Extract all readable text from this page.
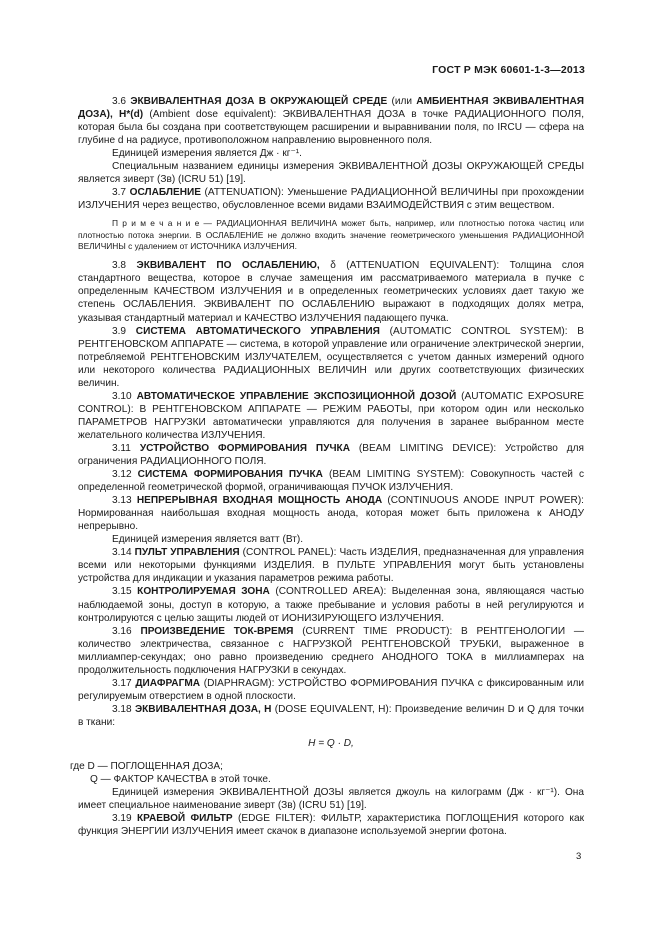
ГОСТ Р МЭК 60601-1-3—2013

3.6 ЭКВИВАЛЕНТНАЯ ДОЗА В ОКРУЖАЮЩЕЙ СРЕДЕ (или АМБИЕНТНАЯ ЭКВИВАЛЕНТНАЯ ДОЗА), H*(d) (Ambient dose equivalent): ЭКВИВАЛЕНТНАЯ ДОЗА в точке РАДИАЦИОННОГО ПОЛЯ, которая была бы создана при соответствующем расширении и выравнивании поля, по IRCU — сфера на глубине d на радиусе, противоположном направлению выровненного поля.

Единицей измерения является Дж · кг⁻¹.

Специальным названием единицы измерения ЭКВИВАЛЕНТНОЙ ДОЗЫ ОКРУЖАЮЩЕЙ СРЕДЫ является зиверт (Зв) (ICRU 51) [19].

3.7 ОСЛАБЛЕНИЕ (ATTENUATION): Уменьшение РАДИАЦИОННОЙ ВЕЛИЧИНЫ при прохождении ИЗЛУЧЕНИЯ через вещество, обусловленное всеми видами ВЗАИМОДЕЙСТВИЯ с этим веществом.

П р и м е ч а н и е — РАДИАЦИОННАЯ ВЕЛИЧИНА может быть, например, или плотностью потока частиц или плотностью потока энергии. В ОСЛАБЛЕНИЕ не должно входить значение геометрического уменьшения РАДИАЦИОННОЙ ВЕЛИЧИНЫ с удалением от ИСТОЧНИКА ИЗЛУЧЕНИЯ.

3.8 ЭКВИВАЛЕНТ ПО ОСЛАБЛЕНИЮ, δ (ATTENUATION EQUIVALENT): Толщина слоя стандартного вещества, которое в случае замещения им рассматриваемого материала в пучке с определенным КАЧЕСТВОМ ИЗЛУЧЕНИЯ и в определенных геометрических условиях дает такую же степень ОСЛАБЛЕНИЯ. ЭКВИВАЛЕНТ ПО ОСЛАБЛЕНИЮ выражают в подходящих долях метра, указывая стандартный материал и КАЧЕСТВО ИЗЛУЧЕНИЯ падающего пучка.

3.9 СИСТЕМА АВТОМАТИЧЕСКОГО УПРАВЛЕНИЯ (AUTOMATIC CONTROL SYSTEM): В РЕНТГЕНОВСКОМ АППАРАТЕ — система, в которой управление или ограничение электрической энергии, потребляемой РЕНТГЕНОВСКИМ ИЗЛУЧАТЕЛЕМ, осуществляется с учетом данных измерений одного или некоторого количества РАДИАЦИОННЫХ ВЕЛИЧИН или других соответствующих физических величин.

3.10 АВТОМАТИЧЕСКОЕ УПРАВЛЕНИЕ ЭКСПОЗИЦИОННОЙ ДОЗОЙ (AUTOMATIC EXPOSURE CONTROL): В РЕНТГЕНОВСКОМ АППАРАТЕ — РЕЖИМ РАБОТЫ, при котором один или несколько ПАРАМЕТРОВ НАГРУЗКИ автоматически управляются для получения в заранее выбранном месте желательного количества ИЗЛУЧЕНИЯ.

3.11 УСТРОЙСТВО ФОРМИРОВАНИЯ ПУЧКА (BEAM LIMITING DEVICE): Устройство для ограничения РАДИАЦИОННОГО ПОЛЯ.

3.12 СИСТЕМА ФОРМИРОВАНИЯ ПУЧКА (BEAM LIMITING SYSTEM): Совокупность частей с определенной геометрической формой, ограничивающая ПУЧОК ИЗЛУЧЕНИЯ.

3.13 НЕПРЕРЫВНАЯ ВХОДНАЯ МОЩНОСТЬ АНОДА (CONTINUOUS ANODE INPUT POWER): Нормированная наибольшая входная мощность анода, которая может быть приложена к АНОДУ непрерывно.

Единицей измерения является ватт (Вт).

3.14 ПУЛЬТ УПРАВЛЕНИЯ (CONTROL PANEL): Часть ИЗДЕЛИЯ, предназначенная для управления всеми или некоторыми функциями ИЗДЕЛИЯ. В ПУЛЬТЕ УПРАВЛЕНИЯ могут быть установлены устройства для индикации и указания параметров режима работы.

3.15 КОНТРОЛИРУЕМАЯ ЗОНА (CONTROLLED AREA): Выделенная зона, являющаяся частью наблюдаемой зоны, доступ в которую, а также пребывание и условия работы в ней регулируются и контролируются с целью защиты людей от ИОНИЗИРУЮЩЕГО ИЗЛУЧЕНИЯ.

3.16 ПРОИЗВЕДЕНИЕ ТОК-ВРЕМЯ (CURRENT TIME PRODUCT): В РЕНТГЕНОЛОГИИ — количество электричества, связанное с НАГРУЗКОЙ РЕНТГЕНОВСКОЙ ТРУБКИ, выраженное в миллиампер-секундах; оно равно произведению среднего АНОДНОГО ТОКА в миллиамперах на продолжительность подключения НАГРУЗКИ в секундах.

3.17 ДИАФРАГМА (DIAPHRAGM): УСТРОЙСТВО ФОРМИРОВАНИЯ ПУЧКА с фиксированным или регулируемым отверстием в одной плоскости.

3.18 ЭКВИВАЛЕНТНАЯ ДОЗА, H (DOSE EQUIVALENT, H): Произведение величин D и Q для точки в ткани:

H = Q · D,

где D — ПОГЛОЩЕННАЯ ДОЗА;

Q — ФАКТОР КАЧЕСТВА в этой точке.

Единицей измерения ЭКВИВАЛЕНТНОЙ ДОЗЫ является джоуль на килограмм (Дж · кг⁻¹). Она имеет специальное наименование зиверт (Зв) (ICRU 51) [19].

3.19 КРАЕВОЙ ФИЛЬТР (EDGE FILTER): ФИЛЬТР, характеристика ПОГЛОЩЕНИЯ которого как функция ЭНЕРГИИ ИЗЛУЧЕНИЯ имеет скачок в диапазоне используемой энергии фотона.

3
